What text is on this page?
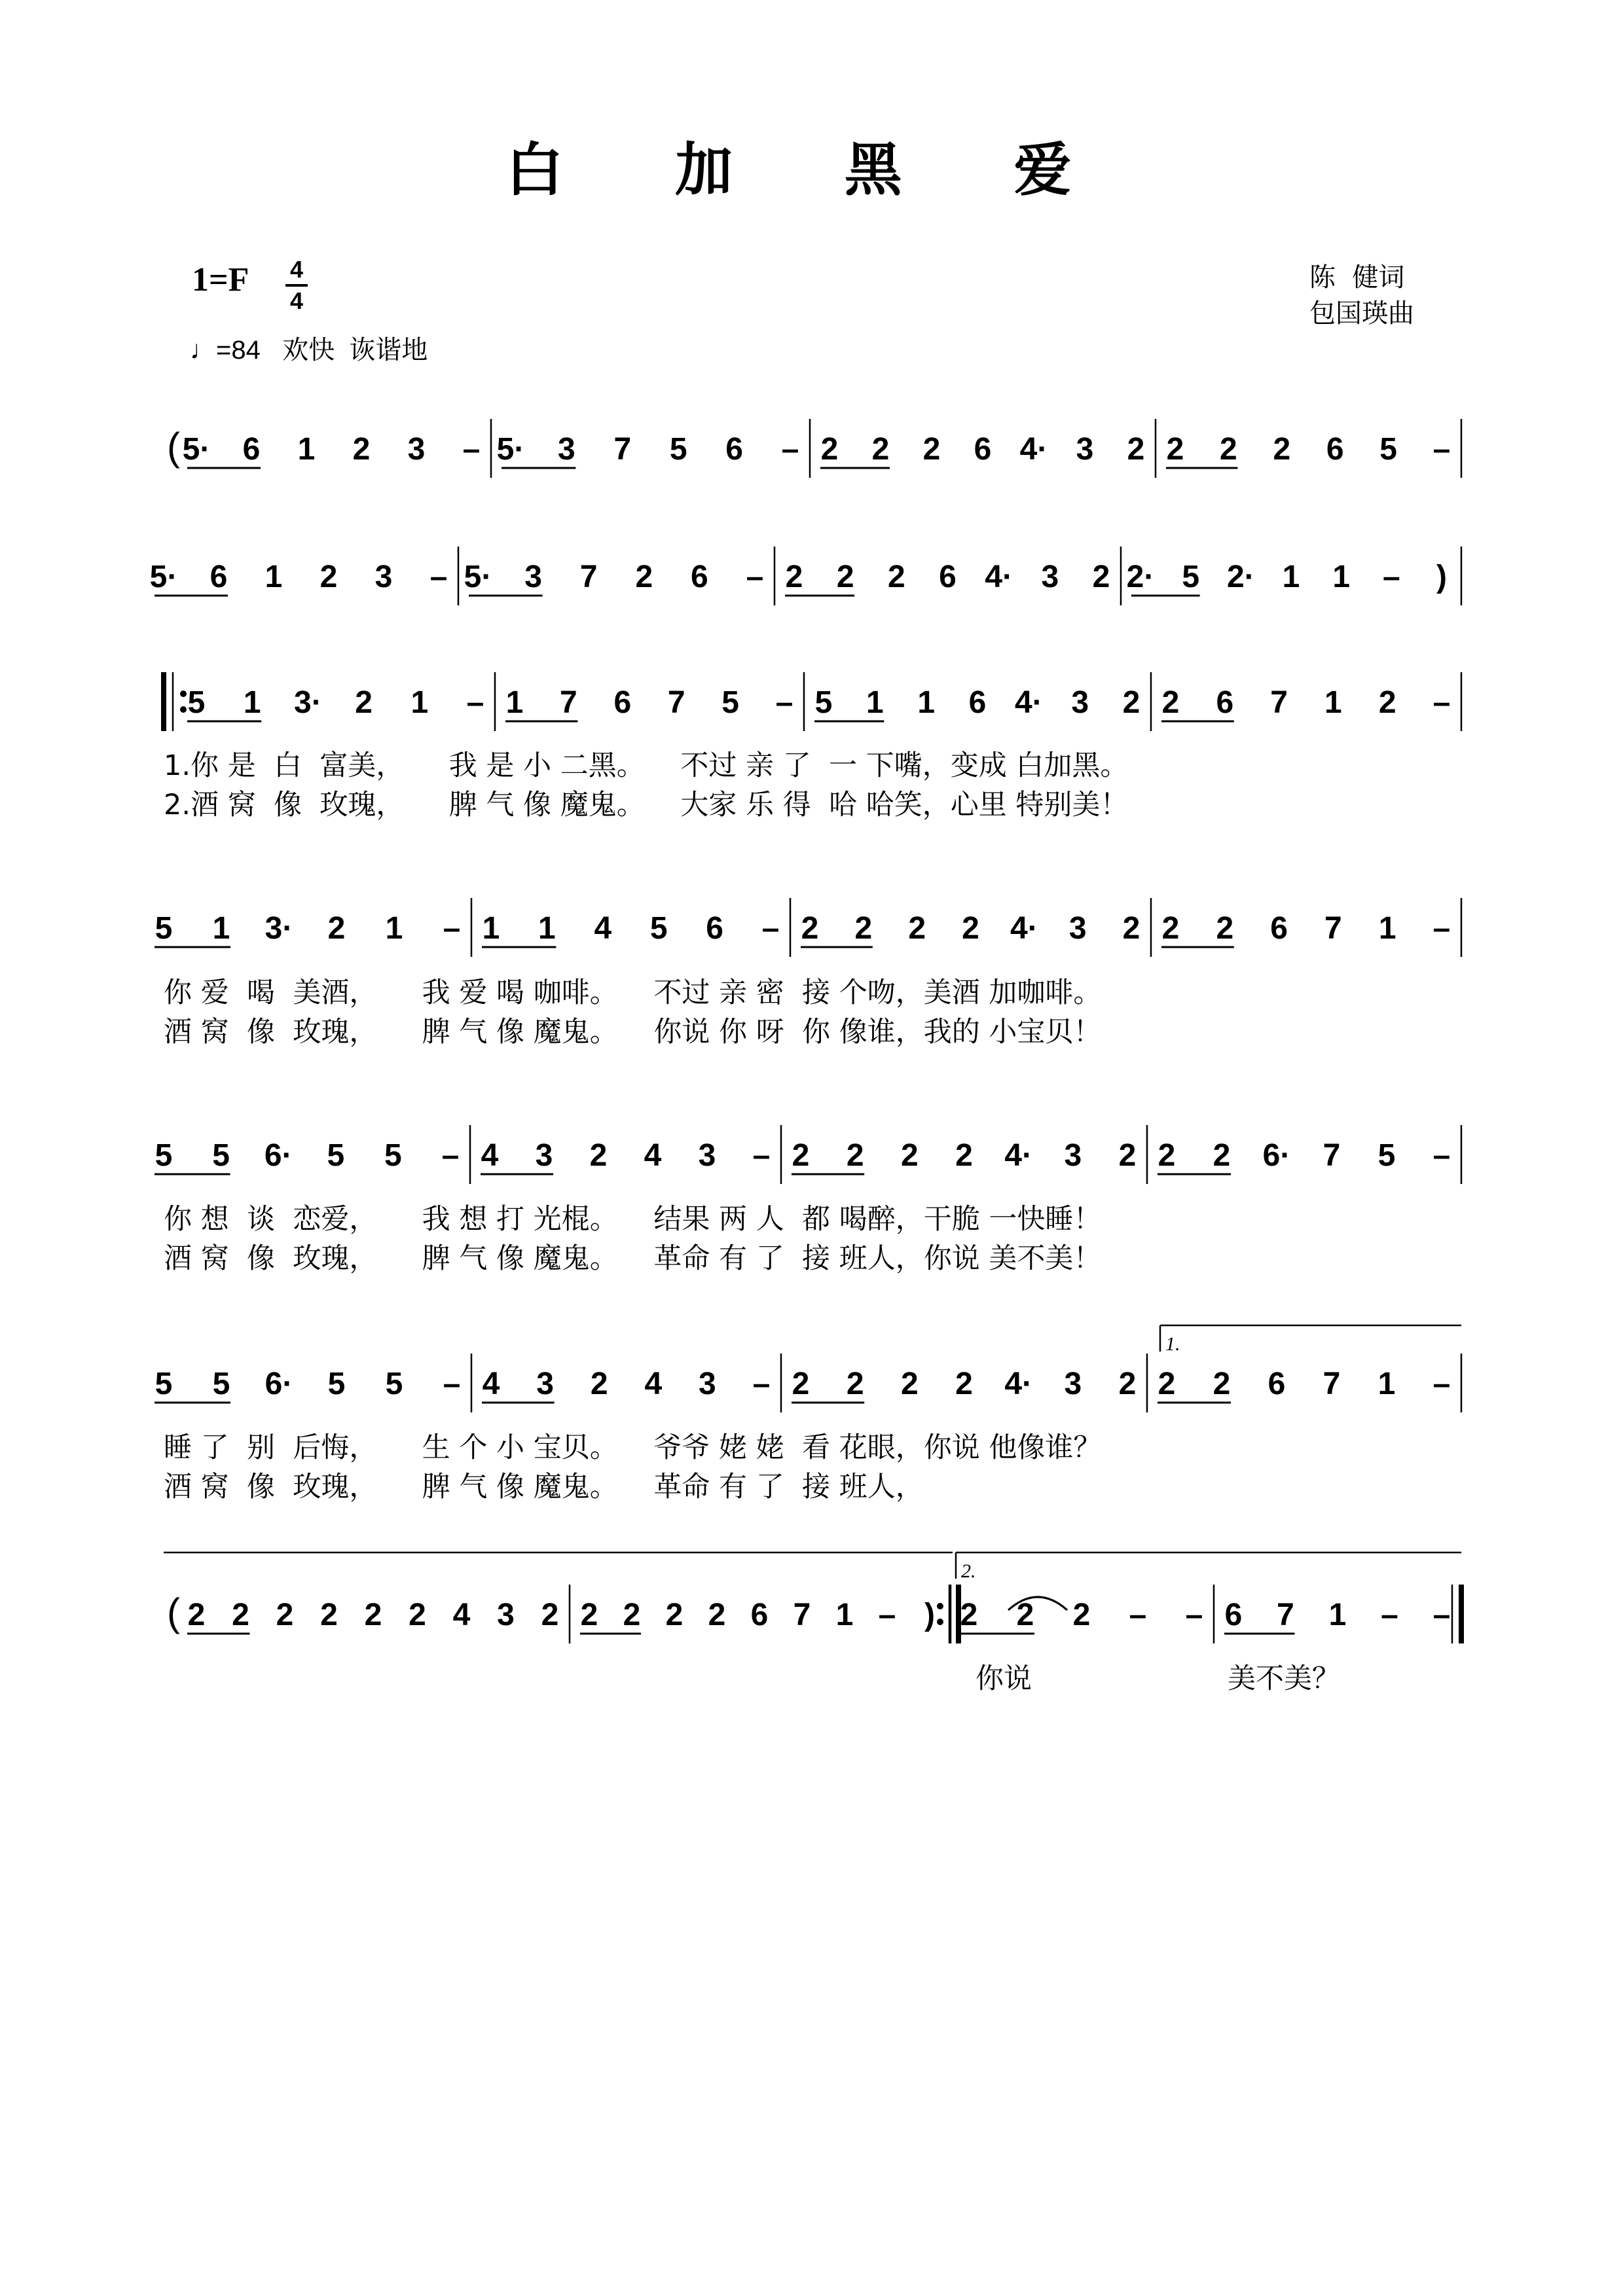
白 加 黑 爱
1=F 4
4
♩=84   欢快  诙谐地
陈  健词
包国瑛曲
( 5· 6 1 2 3 – 5· 3 7 5 6 – 2 2 2 6 4· 3 2 2 2 2 6 5 –
5· 6 1 2 3 – 5· 3 7 2 6 – 2 2 2 6 4· 3 2 2· 5 2· 1 1 – )
5 1 3· 2 1 – 1 7 6 7 5 – 5 1 1 6 4· 3 2 2 6 7 1 2 –
5 1 3· 2 1 – 1 1 4 5 6 – 2 2 2 2 4· 3 2 2 2 6 7 1 –
5 5 6· 5 5 – 4 3 2 4 3 – 2 2 2 2 4· 3 2 2 2 6· 7 5 –
1.
5 5 6· 5 5 – 4 3 2 4 3 – 2 2 2 2 4· 3 2 2 2 6 7 1 –
(
2.
2 2 2 2 2 2 4 3 2 2 2 2 2 6 7 1 – ) 2 2 2 – – 6 7 1 – –
1.你 是  白  富美，     我 是 小 二黑。    不过 亲 了  一 下嘴，变成 白加黑。
2.酒 窝  像  玫瑰，     脾 气 像 魔鬼。    大家 乐 得  哈 哈笑，心里 特别美！
你 爱  喝  美酒，     我 爱 喝 咖啡。    不过 亲 密  接 个吻，美酒 加咖啡。
酒 窝  像  玫瑰，     脾 气 像 魔鬼。    你说 你 呀  你 像谁，我的 小宝贝！
你 想  谈  恋爱，     我 想 打 光棍。    结果 两 人  都 喝醉，干脆 一快睡！
酒 窝  像  玫瑰，     脾 气 像 魔鬼。    革命 有 了  接 班人，你说 美不美！
睡 了  别  后悔，     生 个 小 宝贝。    爷爷 姥 姥  看 花眼，你说 他像谁？
酒 窝  像  玫瑰，     脾 气 像 魔鬼。    革命 有 了  接 班人，
你说	美不美？
